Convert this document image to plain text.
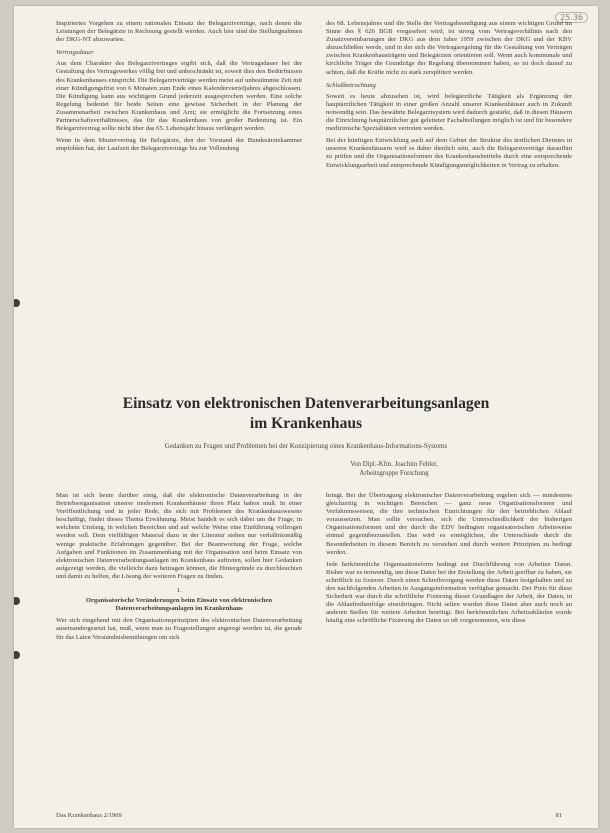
25.36

Inspiriertes Vorgehen zu einem rationalen Einsatz der Belegarztverträge, nach denen die Leistungen der Belegärzte in Rechnung gestellt werden. Auch hier sind die Stellungnahmen der DKG-NT abzuwarten.

Vertragsdauer

Aus dem Charakter des Belegarztvertrages ergibt sich, daß die Vertragsdauer bei der Gestaltung des Vertragswerkes völlig frei und unbeschränkt ist, soweit dies den Bedürfnissen des Krankenhauses entspricht. Die Belegarztverträge werden meist auf unbestimmte Zeit mit einer Kündigungsfrist von 6 Monaten zum Ende eines Kalendervierteljahres abgeschlossen. Die Kündigung kann aus wichtigem Grund jederzeit ausgesprochen werden. Eine solche Regelung bedeutet für beide Seiten eine gewisse Sicherheit in der Planung der Zusammenarbeit zwischen Krankenhaus und Arzt; sie ermöglicht die Fortsetzung eines Partnerschaftsverhältnisses, das für das Krankenhaus von großer Bedeutung ist. Ein Belegarztvertrag sollte nicht über das 65. Lebensjahr hinaus verlängert werden.

Wenn in dem Mustervertrag für Belegärzte, den der Vorstand der Bundesärztekammer empfohlen hat, der Laufzeit der Belegarztverträge bis zur Vollendung

des 68. Lebensjahres und die Stelle der Vertragsbeendigung aus einem wichtigen Grund im Sinne des § 626 BGB vorgesehen wird, ist streng vom Vertragsverhältnis nach den Zusatzvereinbarungen der DKG aus dem Jahre 1959 zwischen der DKG und der KBV abzuschließen werde, und in der sich die Vertragsregelung für die Gestaltung von Verträgen zwischen Krankenhausträgern und Belegärzten orientieren soll. Wenn auch kommunale und kirchliche Träger die Grundzüge der Regelung übernommen haben, so ist doch darauf zu achten, daß die Kräfte nicht zu stark zersplittert werden.

Schlußbetrachtung

Soweit es heute abzusehen ist, wird belegärztliche Tätigkeit als Ergänzung der hauptärztlichen Tätigkeit in einer großen Anzahl unserer Krankenhäuser auch in Zukunft notwendig sein. Das bewährte Belegarztsystem wird dadurch gestärkt, daß in diesen Häusern die Einrichtung hauptärztlicher gut geleiteter Fachabteilungen möglich ist und für besondere medizinische Spezialitäten vertreten werden.

Bei der künftigen Entwicklung auch auf dem Gebiet der Struktur des ärztlichen Dienstes in unseren Krankenhäusern wird es daher dienlich sein, auch die Belegarztverträge daraufhin zu prüfen und die Organisationsformen des Krankenhausbetriebs durch eine entsprechende Entwicklungsarbeit und entsprechende Kündigungsmöglichkeiten in Vertrag zu erhalten.

Einsatz von elektronischen Datenverarbeitungsanlagen
im Krankenhaus
Gedanken zu Fragen und Problemen bei der Konzipierung eines Krankenhaus-Informations-Systems
Von Dipl.-Kfm. Joachim Fehler,
Arbeitsgruppe Forschung

Man ist sich heute darüber einig, daß die elektronische Datenverarbeitung in der Betriebsorganisation unserer modernen Krankenhäuser ihren Platz haben muß. In einer Veröffentlichung und in jeder Rede, die sich mit Problemen des Krankenhauswesens beschäftigt, findet dieses Thema Erwähnung. Meist handelt es sich dabei um die Frage, in welchem Umfang, in welchen Bereichen und auf welche Weise eine Einführung vollzogen werden soll. Dem vielfältigen Material dazu in der Literatur stehen nur verhältnismäßig wenige praktische Erfahrungen gegenüber. Bei der Beantwortung der Frage, welche Aufgaben und Funktionen im Zusammenhang mit der Organisation und beim Einsatz von elektronischen Datenverarbeitungsanlagen im Krankenhaus auftreten, sollen hier Gedanken aufgezeigt werden, die vielleicht dazu beitragen können, die Hintergründe zu durchleuchten und damit zu helfen, die Lösung der weiteren Fragen zu finden.

I.
Organisatorische Veränderungen beim Einsatz von elektronischen Datenverarbeitungsanlagen im Krankenhaus

Wer sich eingehend mit den Organisationsprinzipien des elektronischen Datenverarbeitung auseinandergesetzt hat, muß, wenn man zu Fragestellungen angeregt worden ist, die gerade für das Laien Verständnisbemühungen um sich

bringt. Bei der Übertragung elektronischer Datenverarbeitung ergeben sich — mindestens gleichzeitig in wichtigen Bereichen — ganz neue Organisationsformen und Verfahrensweisen, die ihre technischen Einrichtungen für den betrieblichen Ablauf voraussetzen. Man sollte versuchen, sich die Unterschiedlichkeit der bisherigen Organisationsformen und der durch die EDV bedingten organisatorischen Arbeitsweise einmal gegenüberzustellen. Das wird es ermöglichen, die Unterschiede durch die Besonderheiten in diesem Bereich zu verstehen und durch weitere Prinzipien zu bedingt werden.

Jede herkömmliche Organisationsform bedingt zur Durchführung von Arbeiten Daten. Bisher war es notwendig, um diese Daten bei der Erstellung der Arbeit greifbar zu haben, sie schriftlich zu fixieren. Durch einen Schreibvorgang werden diese Daten festgehalten und zu den nachfolgenden Arbeiten in Ausgangsinformation verfügbar gemacht. Der Preis für diese Sicherheit war durch die schriftliche Fixierung dieser Grundlagen der Arbeit, der Daten, in die Ablaufreihenfolge einzubringen. Nicht selten wurden diese Daten aber auch noch an anderen Stellen für weitere Arbeiten benötigt. Bei herkömmlichen Arbeitsabläufen wurde häufig eine schriftliche Fixierung der Daten so oft vorgenommen, wie diese

Das Krankenhaus 2/1969	81
